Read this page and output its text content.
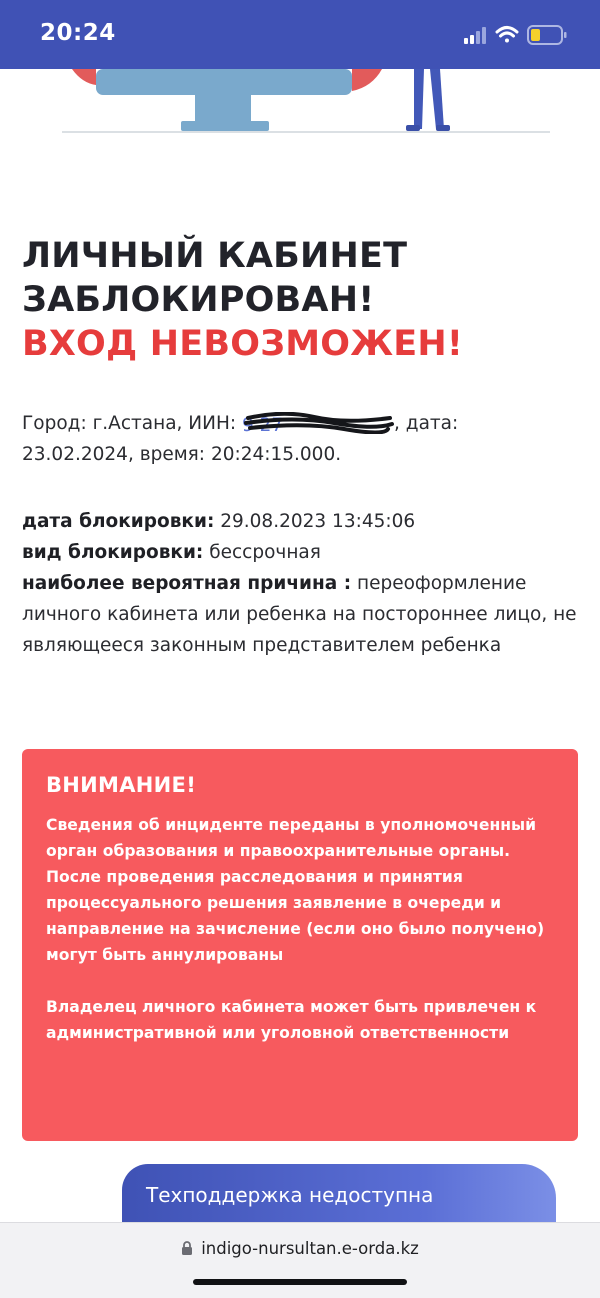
20:24
ЛИЧНЫЙ КАБИНЕТ
ЗАБЛОКИРОВАН!
ВХОД НЕВОЗМОЖЕН!
Город: г.Астана, ИИН: 9 27	, дата:
23.02.2024, время: 20:24:15.000.
дата блокировки: 29.08.2023 13:45:06
вид блокировки: бессрочная
наиболее вероятная причина : переоформление личного кабинета или ребенка на постороннее лицо, не являющееся законным представителем ребенка

ВНИМАНИЕ!

Сведения об инциденте переданы в уполномоченный орган образования и правоохранительные органы. После проведения расследования и принятия процессуального решения заявление в очереди и направление на зачисление (если оно было получено) могут быть аннулированы

Владелец личного кабинета может быть привлечен к административной или уголовной ответственности

Техподдержка недоступна
indigo-nursultan.e-orda.kz
